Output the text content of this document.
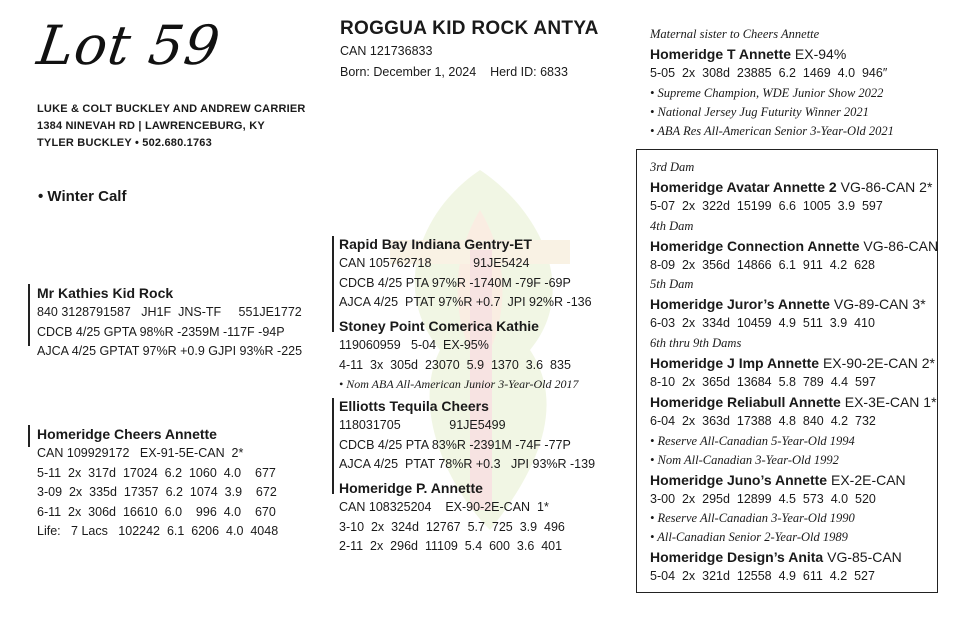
Lot 59
LUKE & COLT BUCKLEY AND ANDREW CARRIER
1384 NINEVAH RD | LAWRENCEBURG, KY
TYLER BUCKLEY • 502.680.1763
• Winter Calf
ROGGUA KID ROCK ANTYA
CAN 121736833
Born: December 1, 2024    Herd ID: 6833
Mr Kathies Kid Rock
840 3128791587   JH1F  JNS-TF     551JE1772
CDCB 4/25 GPTA 98%R -2359M -117F -94P
AJCA 4/25 GPTAT 97%R +0.9 GJPI 93%R -225
Homeridge Cheers Annette
CAN 109929172   EX-91-5E-CAN  2*
5-11  2x  317d  17024  6.2  1060  4.0    677
3-09  2x  335d  17357  6.2  1074  3.9    672
6-11  2x  306d  16610  6.0    996  4.0    670
Life:   7 Lacs   102242  6.1  6206  4.0  4048
Rapid Bay Indiana Gentry-ET
CAN 105762718            91JE5424
CDCB 4/25 PTA 97%R -1740M -79F -69P
AJCA 4/25  PTAT 97%R +0.7  JPI 92%R -136
Stoney Point Comerica Kathie
119060959   5-04  EX-95%
4-11  3x  305d  23070  5.9  1370  3.6  835
• Nom ABA All-American Junior 3-Year-Old 2017
Elliotts Tequila Cheers
118031705              91JE5499
CDCB 4/25 PTA 83%R -2391M -74F -77P
AJCA 4/25  PTAT 78%R +0.3   JPI 93%R -139
Homeridge P. Annette
CAN 108325204    EX-90-2E-CAN  1*
3-10  2x  324d  12767  5.7  725  3.9  496
2-11  2x  296d  11109  5.4  600  3.6  401
Maternal sister to Cheers Annette
Homeridge T Annette EX-94%
5-05  2x  308d  23885  6.2  1469  4.0  946″
• Supreme Champion, WDE Junior Show 2022
• National Jersey Jug Futurity Winner 2021
• ABA Res All-American Senior 3-Year-Old 2021
3rd Dam
Homeridge Avatar Annette 2 VG-86-CAN 2*
5-07  2x  322d  15199  6.6  1005  3.9  597
4th Dam
Homeridge Connection Annette VG-86-CAN
8-09  2x  356d  14866  6.1  911  4.2  628
5th Dam
Homeridge Juror’s Annette VG-89-CAN 3*
6-03  2x  334d  10459  4.9  511  3.9  410
6th thru 9th Dams
Homeridge J Imp Annette EX-90-2E-CAN 2*
8-10  2x  365d  13684  5.8  789  4.4  597
Homeridge Reliabull Annette EX-3E-CAN 1*
6-04  2x  363d  17388  4.8  840  4.2  732
• Reserve All-Canadian 5-Year-Old 1994
• Nom All-Canadian 3-Year-Old 1992
Homeridge Juno’s Annette EX-2E-CAN
3-00  2x  295d  12899  4.5  573  4.0  520
• Reserve All-Canadian 3-Year-Old 1990
• All-Canadian Senior 2-Year-Old 1989
Homeridge Design’s Anita VG-85-CAN
5-04  2x  321d  12558  4.9  611  4.2  527
